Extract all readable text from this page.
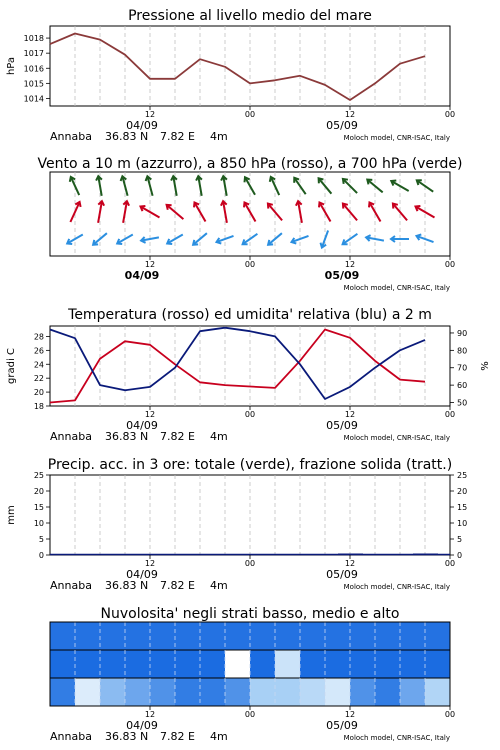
Pressione al livello medio del mare
hPa
1014
1015
1016
1017
1018
12	00	12	00
04/09	05/09
Annaba 36.83 N 7.82 E 4m	Moloch model, CNR-ISAC, Italy
Vento a 10 m (azzurro), a 850 hPa (rosso), a 700 hPa (verde)
12	00	12	00
04/09	05/09
Moloch model, CNR-ISAC, Italy
Temperatura (rosso) ed umidita' relativa (blu) a 2 m
gradi C	%
18
20
22
24
26
28
50
60
70
80
90
12	00	12	00
04/09	05/09
Annaba 36.83 N 7.82 E 4m	Moloch model, CNR-ISAC, Italy
Precip. acc. in 3 ore: totale (verde), frazione solida (tratt.)
mm
0
5
10
15
20
25
0
5
10
15
20
25
12	00	12	00
04/09	05/09
Annaba 36.83 N 7.82 E 4m	Moloch model, CNR-ISAC, Italy
Nuvolosita' negli strati basso, medio e alto
12	00	12	00
04/09	05/09
Annaba 36.83 N 7.82 E 4m	Moloch model, CNR-ISAC, Italy
